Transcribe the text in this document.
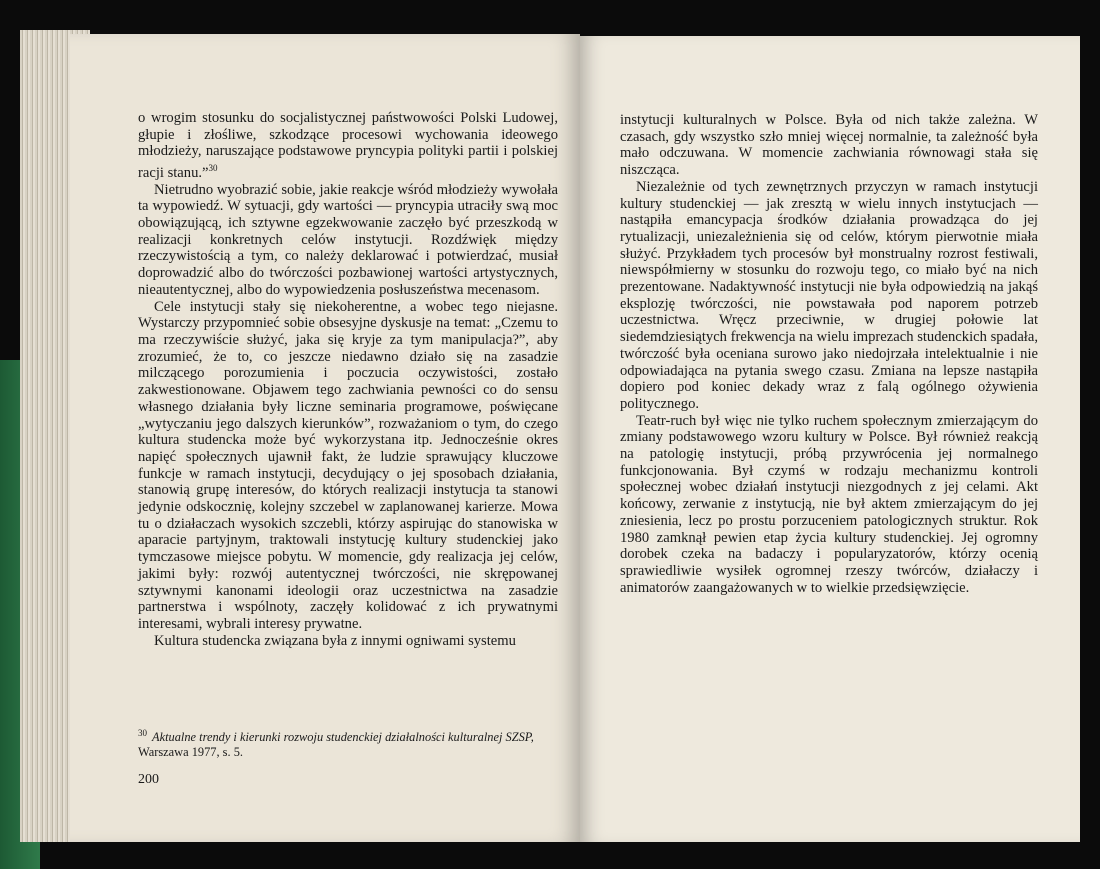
o wrogim stosunku do socjalistycznej państwowości Polski Ludowej, głupie i złośliwe, szkodzące procesowi wychowania ideowego młodzieży, naruszające podstawowe pryncypia polityki partii i polskiej racji stanu.”$^{30}$

Nietrudno wyobrazić sobie, jakie reakcje wśród młodzieży wywołała ta wypowiedź. W sytuacji, gdy wartości — pryncypia utraciły swą moc obowiązującą, ich sztywne egzekwowanie zaczęło być przeszkodą w realizacji konkretnych celów instytucji. Rozdźwięk między rzeczywistością a tym, co należy deklarować i potwierdzać, musiał doprowadzić albo do twórczości pozbawionej wartości artystycznych, nieautentycznej, albo do wypowiedzenia posłuszeństwa mecenasom.

Cele instytucji stały się niekoherentne, a wobec tego niejasne. Wystarczy przypomnieć sobie obsesyjne dyskusje na temat: „Czemu to ma rzeczywiście służyć, jaka się kryje za tym manipulacja?”, aby zrozumieć, że to, co jeszcze niedawno działo się na zasadzie milczącego porozumienia i poczucia oczywistości, zostało zakwestionowane. Objawem tego zachwiania pewności co do sensu własnego działania były liczne seminaria programowe, poświęcane „wytyczaniu jego dalszych kierunków”, rozważaniom o tym, do czego kultura studencka może być wykorzystana itp. Jednocześnie okres napięć społecznych ujawnił fakt, że ludzie sprawujący kluczowe funkcje w ramach instytucji, decydujący o jej sposobach działania, stanowią grupę interesów, do których realizacji instytucja ta stanowi jedynie odskocznię, kolejny szczebel w zaplanowanej karierze. Mowa tu o działaczach wysokich szczebli, którzy aspirując do stanowiska w aparacie partyjnym, traktowali instytucję kultury studenckiej jako tymczasowe miejsce pobytu. W momencie, gdy realizacja jej celów, jakimi były: rozwój autentycznej twórczości, nie skrępowanej sztywnymi kanonami ideologii oraz uczestnictwa na zasadzie partnerstwa i wspólnoty, zaczęły kolidować z ich prywatnymi interesami, wybrali interesy prywatne.

Kultura studencka związana była z innymi ogniwami systemu

$^{30}$ Aktualne trendy i kierunki rozwoju studenckiej działalności kulturalnej SZSP,
Warszawa 1977, s. 5.
200

instytucji kulturalnych w Polsce. Była od nich także zależna. W czasach, gdy wszystko szło mniej więcej normalnie, ta zależność była mało odczuwana. W momencie zachwiania równowagi stała się niszcząca.

Niezależnie od tych zewnętrznych przyczyn w ramach instytucji kultury studenckiej — jak zresztą w wielu innych instytucjach — nastąpiła emancypacja środków działania prowadząca do jej rytualizacji, uniezależnienia się od celów, którym pierwotnie miała służyć. Przykładem tych procesów był monstrualny rozrost festiwali, niewspółmierny w stosunku do rozwoju tego, co miało być na nich prezentowane. Nadaktywność instytucji nie była odpowiedzią na jakąś eksplozję twórczości, nie powstawała pod naporem potrzeb uczestnictwa. Wręcz przeciwnie, w drugiej połowie lat siedemdziesiątych frekwencja na wielu imprezach studenckich spadała, twórczość była oceniana surowo jako niedojrzała intelektualnie i nie odpowiadająca na pytania swego czasu. Zmiana na lepsze nastąpiła dopiero pod koniec dekady wraz z falą ogólnego ożywienia politycznego.

Teatr-ruch był więc nie tylko ruchem społecznym zmierzającym do zmiany podstawowego wzoru kultury w Polsce. Był również reakcją na patologię instytucji, próbą przywrócenia jej normalnego funkcjonowania. Był czymś w rodzaju mechanizmu kontroli społecznej wobec działań instytucji niezgodnych z jej celami. Akt końcowy, zerwanie z instytucją, nie był aktem zmierzającym do jej zniesienia, lecz po prostu porzuceniem patologicznych struktur. Rok 1980 zamknął pewien etap życia kultury studenckiej. Jej ogromny dorobek czeka na badaczy i popularyzatorów, którzy ocenią sprawiedliwie wysiłek ogromnej rzeszy twórców, działaczy i animatorów zaangażowanych w to wielkie przedsięwzięcie.
